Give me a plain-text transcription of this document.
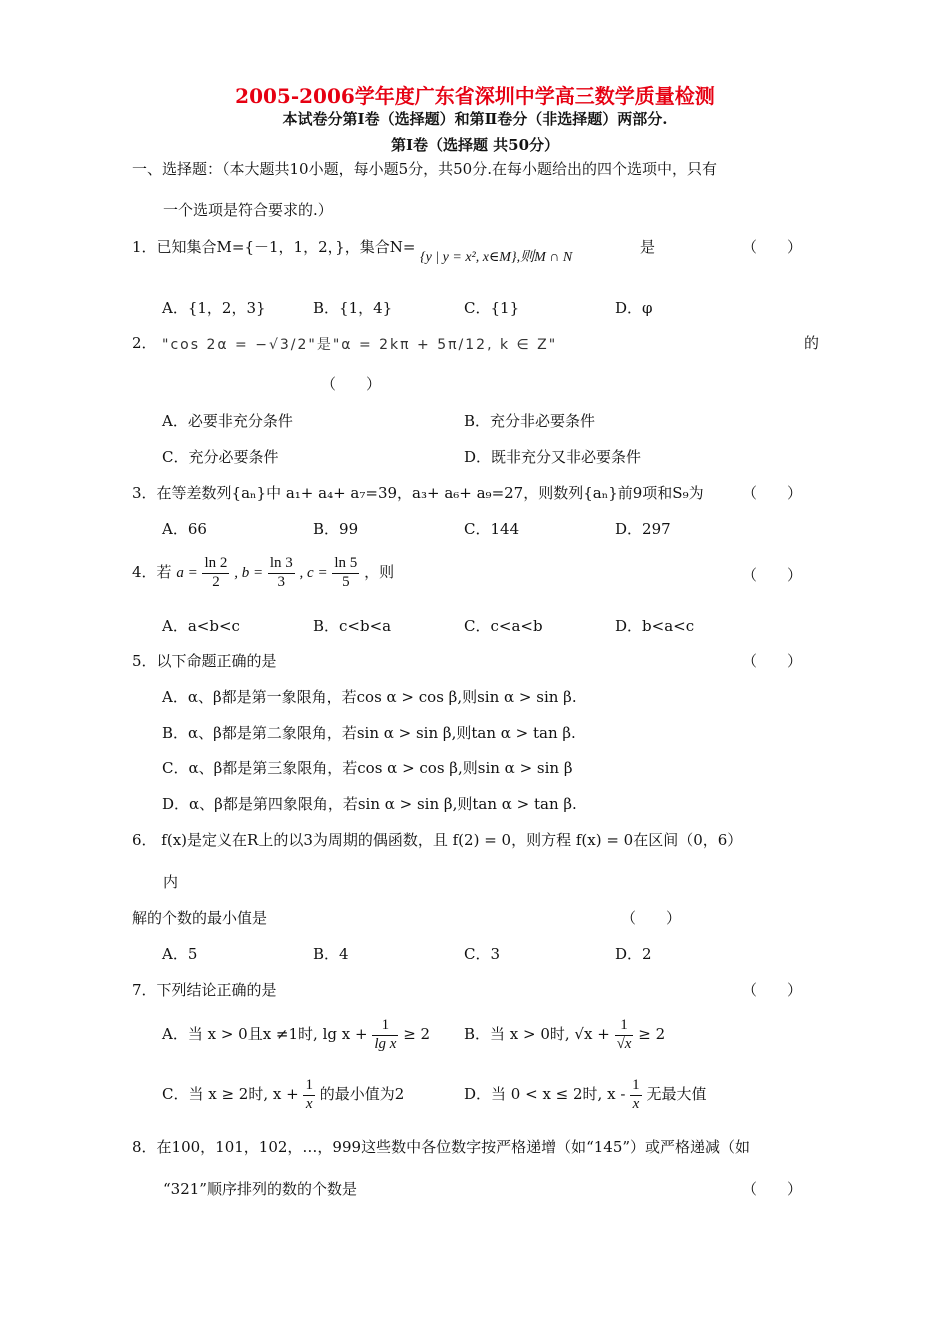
2005-2006学年度广东省深圳中学高三数学质量检测
本试卷分第Ⅰ卷（选择题）和第Ⅱ卷分（非选择题）两部分.
第Ⅰ卷（选择题 共50分）
一、选择题：（本大题共10小题，每小题5分，共50分.在每小题给出的四个选项中，只有
一个选项是符合要求的.）
1．已知集合M={－1，1，2，}，集合N=
{y | y = x², x∈M},则M ∩ N
是	（　　）
A．{1，2，3}	B．{1，4}	C．{1}	D．φ
2． "cos 2α = −√3/2"是"α = 2kπ + 5π/12, k ∈ Z"	的
（　　）
A．必要非充分条件	B．充分非必要条件
C．充分必要条件	D．既非充分又非必要条件
3．在等差数列{aₙ}中 a₁+ a₄+ a₇=39，a₃+ a₆+ a₉=27，则数列{aₙ}前9项和S₉为	（　　）
A．66	B．99	C．144	D．297
4．若 $a = \frac{\ln 2}{2}$ , $b = \frac{\ln 3}{3}$ , $c = \frac{\ln 5}{5}$ ，则	（　　）
A．a<b<c	B．c<b<a	C．c<a<b	D．b<a<c
5．以下命题正确的是	（　　）
A．α、β都是第一象限角，若cos α > cos β,则sin α > sin β.
B．α、β都是第二象限角，若sin α > sin β,则tan α > tan β.
C．α、β都是第三象限角，若cos α > cos β,则sin α > sin β
D．α、β都是第四象限角，若sin α > sin β,则tan α > tan β.
6． f(x)是定义在R上的以3为周期的偶函数，且 f(2) = 0，则方程 f(x) = 0在区间（0，6）
内
解的个数的最小值是	（　　）
A．5	B．4	C．3	D．2
7．下列结论正确的是	（　　）
A．当 x > 0且x ≠1时, $\lg x + \frac{1}{\text{lg x}} \ge 2$ B．当 x > 0时, $√x + \frac{1}{√x} \ge 2$
C．当 x ≥ 2时, $x + \frac{1}{x}$ 的最小值为2	D．当 0 < x ≤ 2时, x - $\frac{1}{x}$ 无最大值
8．在100，101，102，…，999这些数中各位数字按严格递增（如“145”）或严格递减（如
“321”顺序排列的数的个数是	（　　）
